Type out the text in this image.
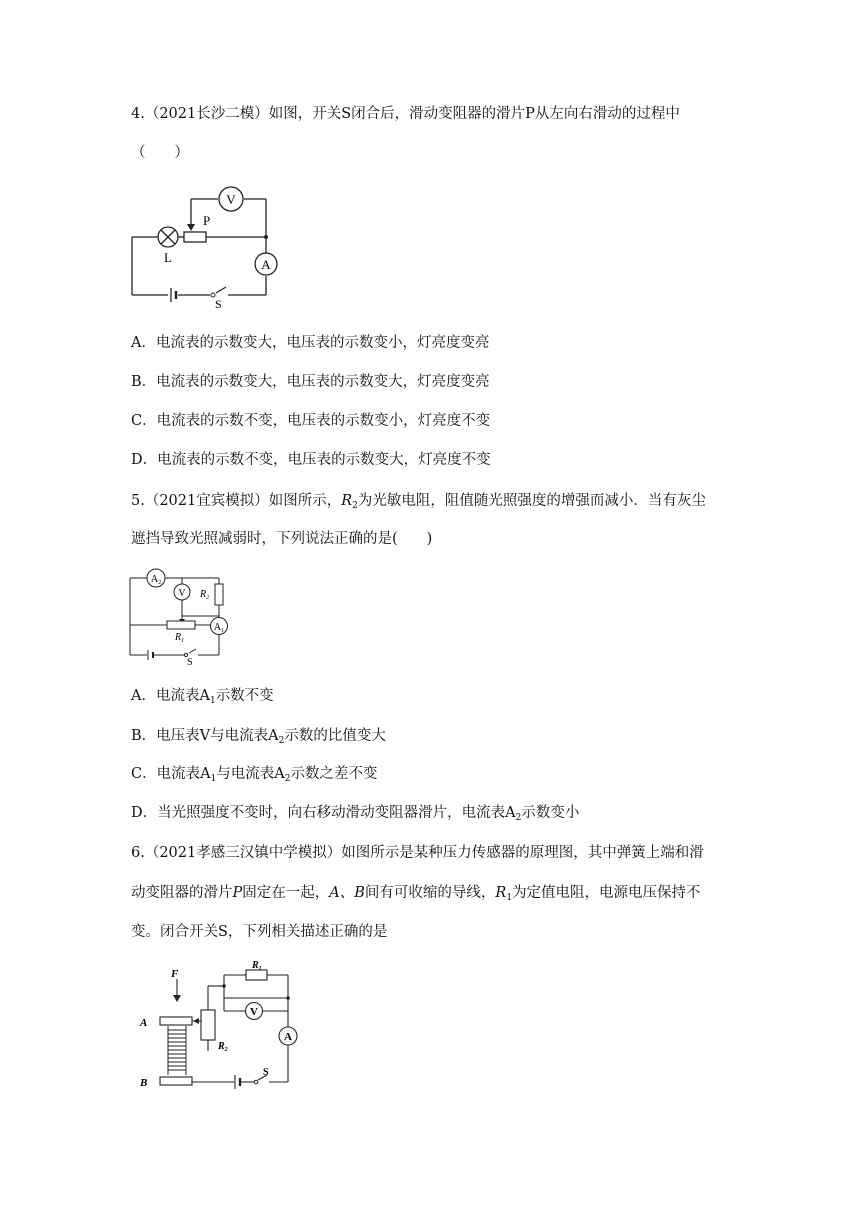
4.（2021长沙二模）如图，开关S闭合后，滑动变阻器的滑片P从左向右滑动的过程中
（　　）
V
A
P
L
S
A．电流表的示数变大，电压表的示数变小，灯亮度变亮
B．电流表的示数变大，电压表的示数变大，灯亮度变亮
C．电流表的示数不变，电压表的示数变小，灯亮度不变
D．电流表的示数不变，电压表的示数变大，灯亮度不变
5.（2021宜宾模拟）如图所示，$R_2$为光敏电阻，阻值随光照强度的增强而减小．当有灰尘
遮挡导致光照减弱时，下列说法正确的是(　　)
$A_2$
V $R_2$
$R_1$
$A_1$
S
A．电流表$A_1$示数不变
B．电压表V与电流表$A_2$示数的比值变大
C．电流表$A_1$与电流表$A_2$示数之差不变
D．当光照强度不变时，向右移动滑动变阻器滑片，电流表$A_2$示数变小
6.（2021孝感三汉镇中学模拟）如图所示是某种压力传感器的原理图，其中弹簧上端和滑
动变阻器的滑片P固定在一起，A、B间有可收缩的导线，$R_1$为定值电阻，电源电压保持不
变。闭合开关S，下列相关描述正确的是
V
A
F
A
B
$R_1$
$R_2$
S
